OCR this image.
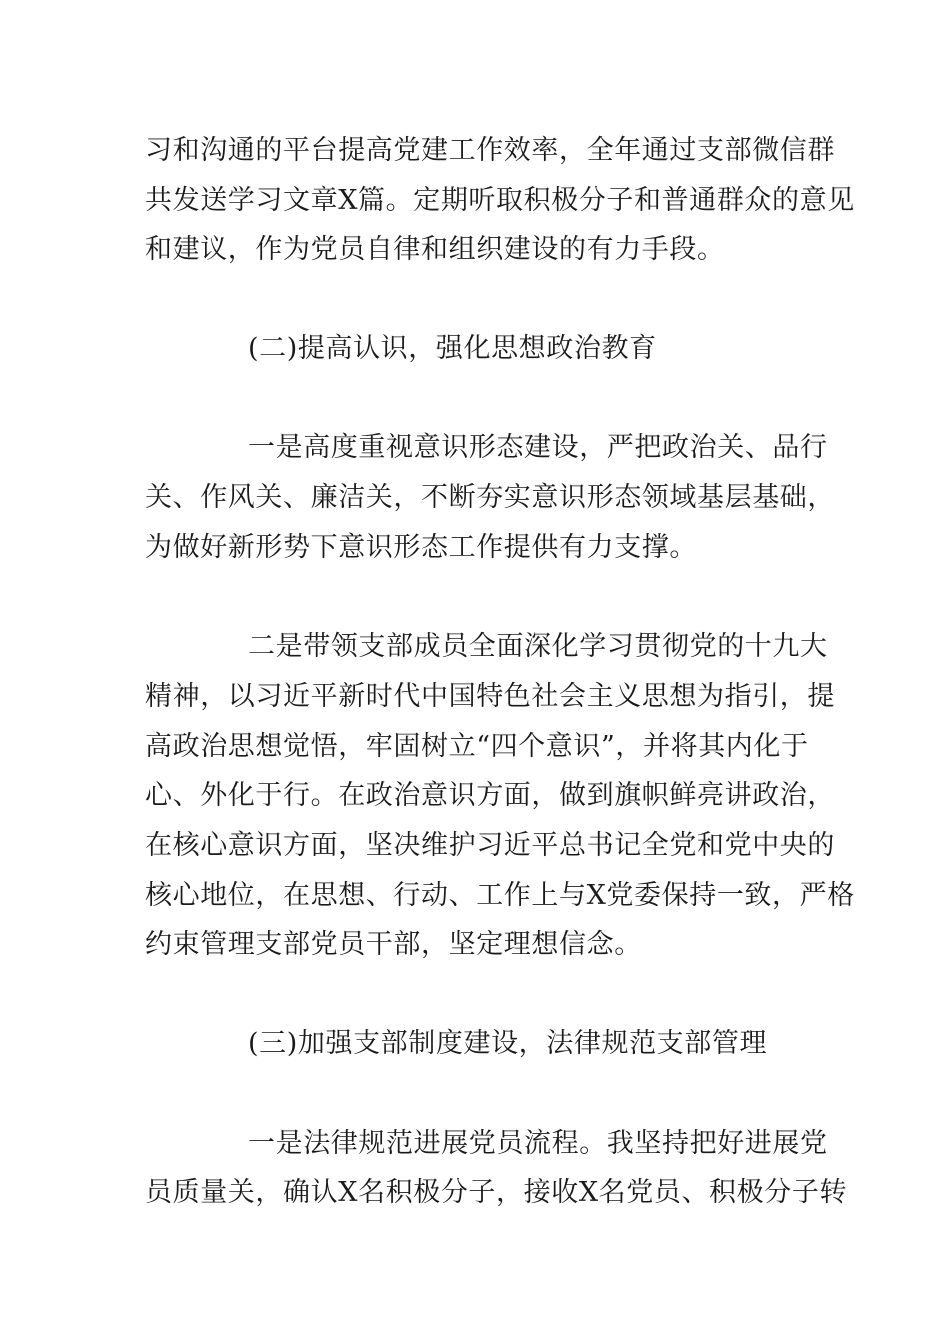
习和沟通的平台提高党建工作效率，全年通过支部微信群
共发送学习文章X篇。定期听取积极分子和普通群众的意见
和建议，作为党员自律和组织建设的有力手段。
(二)提高认识，强化思想政治教育
一是高度重视意识形态建设，严把政治关、品行
关、作风关、廉洁关，不断夯实意识形态领域基层基础，
为做好新形势下意识形态工作提供有力支撑。
二是带领支部成员全面深化学习贯彻党的十九大
精神，以习近平新时代中国特色社会主义思想为指引，提
高政治思想觉悟，牢固树立“四个意识”，并将其内化于
心、外化于行。在政治意识方面，做到旗帜鲜亮讲政治，
在核心意识方面，坚决维护习近平总书记全党和党中央的
核心地位，在思想、行动、工作上与X党委保持一致，严格
约束管理支部党员干部，坚定理想信念。
(三)加强支部制度建设，法律规范支部管理
一是法律规范进展党员流程。我坚持把好进展党
员质量关，确认X名积极分子，接收X名党员、积极分子转
